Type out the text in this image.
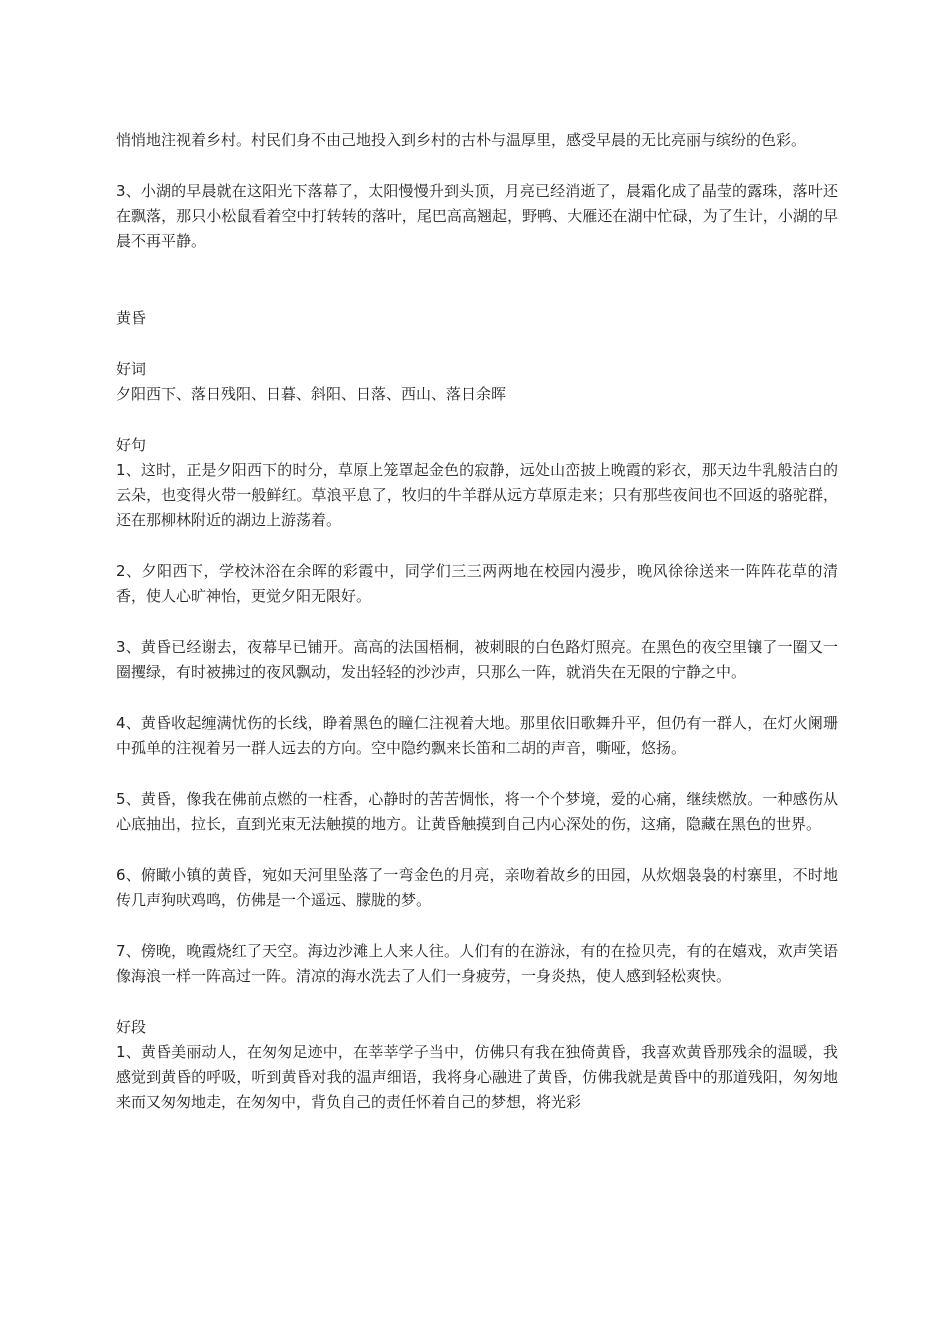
悄悄地注视着乡村。村民们身不由己地投入到乡村的古朴与温厚里，感受早晨的无比亮丽与缤纷的色彩。

3、小湖的早晨就在这阳光下落幕了，太阳慢慢升到头顶，月亮已经消逝了，晨霜化成了晶莹的露珠，落叶还在飘落，那只小松鼠看着空中打转转的落叶，尾巴高高翘起，野鸭、大雁还在湖中忙碌，为了生计，小湖的早晨不再平静。

黄昏

好词

夕阳西下、落日残阳、日暮、斜阳、日落、西山、落日余晖

好句

1、这时，正是夕阳西下的时分，草原上笼罩起金色的寂静，远处山峦披上晚霞的彩衣，那天边牛乳般洁白的云朵，也变得火带一般鲜红。草浪平息了，牧归的牛羊群从远方草原走来；只有那些夜间也不回返的骆驼群，还在那柳林附近的湖边上游荡着。

2、夕阳西下，学校沐浴在余晖的彩霞中，同学们三三两两地在校园内漫步，晚风徐徐送来一阵阵花草的清香，使人心旷神怡，更觉夕阳无限好。

3、黄昏已经谢去，夜幕早已铺开。高高的法国梧桐，被刺眼的白色路灯照亮。在黑色的夜空里镶了一圈又一圈攫绿，有时被拂过的夜风飘动，发出轻轻的沙沙声，只那么一阵，就消失在无限的宁静之中。

4、黄昏收起缠满忧伤的长线，睁着黑色的瞳仁注视着大地。那里依旧歌舞升平，但仍有一群人，在灯火阑珊中孤单的注视着另一群人远去的方向。空中隐约飘来长笛和二胡的声音，嘶哑，悠扬。

5、黄昏，像我在佛前点燃的一柱香，心静时的苦苦惆怅，将一个个梦境，爱的心痛，继续燃放。一种感伤从心底抽出，拉长，直到光束无法触摸的地方。让黄昏触摸到自己内心深处的伤，这痛，隐藏在黑色的世界。

6、俯瞰小镇的黄昏，宛如天河里坠落了一弯金色的月亮，亲吻着故乡的田园，从炊烟袅袅的村寨里，不时地传几声狗吠鸡鸣，仿佛是一个遥远、朦胧的梦。

7、傍晚，晚霞烧红了天空。海边沙滩上人来人往。人们有的在游泳，有的在捡贝壳，有的在嬉戏，欢声笑语像海浪一样一阵高过一阵。清凉的海水洗去了人们一身疲劳，一身炎热，使人感到轻松爽快。

好段

1、黄昏美丽动人，在匆匆足迹中，在莘莘学子当中，仿佛只有我在独倚黄昏，我喜欢黄昏那残余的温暖，我感觉到黄昏的呼吸，听到黄昏对我的温声细语，我将身心融进了黄昏，仿佛我就是黄昏中的那道残阳，匆匆地来而又匆匆地走，在匆匆中，背负自己的责任怀着自己的梦想，将光彩
